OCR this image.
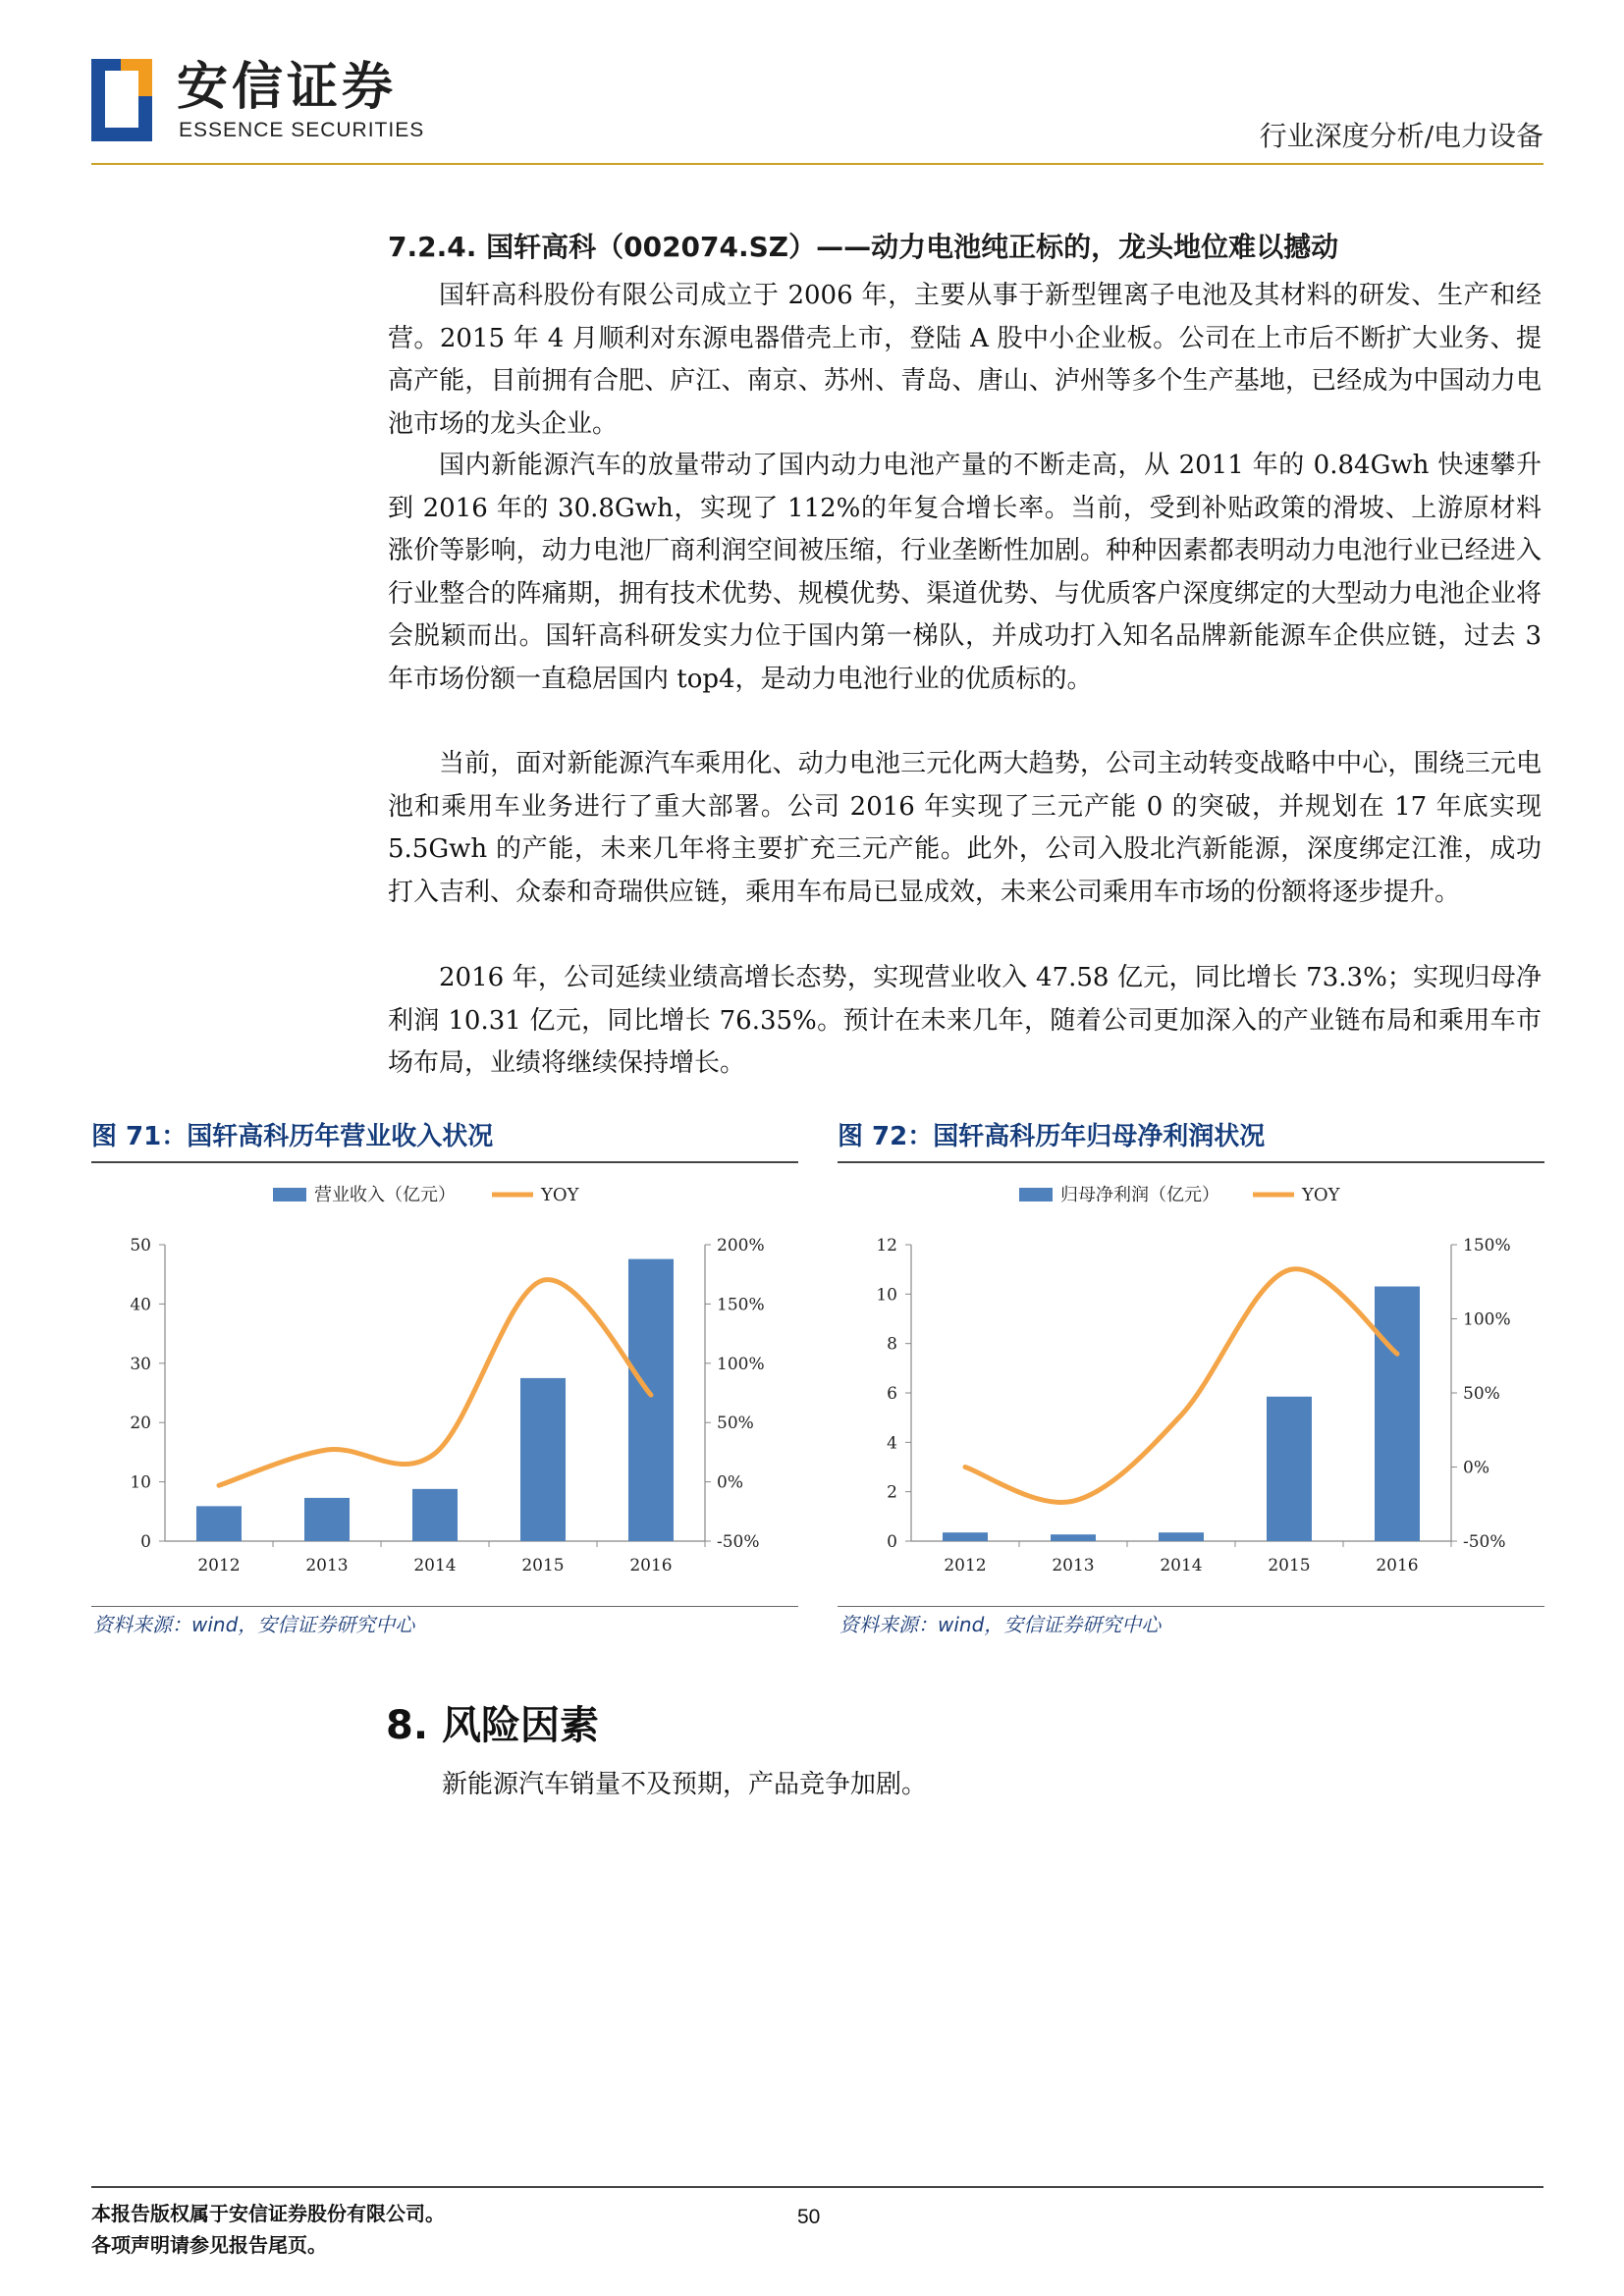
安信证券
ESSENCE SECURITIES	行业深度分析/电力设备
7.2.4. 国轩高科（002074.SZ）——动力电池纯正标的，龙头地位难以撼动
国轩高科股份有限公司成立于 2006 年，主要从事于新型锂离子电池及其材料的研发、生产和经营。2015 年 4 月顺利对东源电器借壳上市，登陆 A 股中小企业板。公司在上市后不断扩大业务、提高产能，目前拥有合肥、庐江、南京、苏州、青岛、唐山、泸州等多个生产基地，已经成为中国动力电池市场的龙头企业。
国内新能源汽车的放量带动了国内动力电池产量的不断走高，从 2011 年的 0.84Gwh 快速攀升到 2016 年的 30.8Gwh，实现了 112%的年复合增长率。当前，受到补贴政策的滑坡、上游原材料涨价等影响，动力电池厂商利润空间被压缩，行业垄断性加剧。种种因素都表明动力电池行业已经进入行业整合的阵痛期，拥有技术优势、规模优势、渠道优势、与优质客户深度绑定的大型动力电池企业将会脱颖而出。国轩高科研发实力位于国内第一梯队，并成功打入知名品牌新能源车企供应链，过去 3 年市场份额一直稳居国内 top4，是动力电池行业的优质标的。
当前，面对新能源汽车乘用化、动力电池三元化两大趋势，公司主动转变战略中中心，围绕三元电池和乘用车业务进行了重大部署。公司 2016 年实现了三元产能 0 的突破，并规划在 17 年底实现 5.5Gwh 的产能，未来几年将主要扩充三元产能。此外，公司入股北汽新能源，深度绑定江淮，成功打入吉利、众泰和奇瑞供应链，乘用车布局已显成效，未来公司乘用车市场的份额将逐步提升。
2016 年，公司延续业绩高增长态势，实现营业收入 47.58 亿元，同比增长 73.3%；实现归母净利润 10.31 亿元，同比增长 76.35%。预计在未来几年，随着公司更加深入的产业链布局和乘用车市场布局，业绩将继续保持增长。
图 71：国轩高科历年营业收入状况
营业收入（亿元）	YOY
0
10
20
30
40
50
-50%
0%
50%
100%
150%
200%
2012	2013	2014	2015	2016
资料来源：wind，安信证券研究中心
图 72：国轩高科历年归母净利润状况
归母净利润（亿元）	YOY
0
2
4
6
8
10
12
-50%
0%
50%
100%
150%
2012	2013	2014	2015	2016
资料来源：wind，安信证券研究中心
8. 风险因素
新能源汽车销量不及预期，产品竞争加剧。
本报告版权属于安信证券股份有限公司。
各项声明请参见报告尾页。
50
